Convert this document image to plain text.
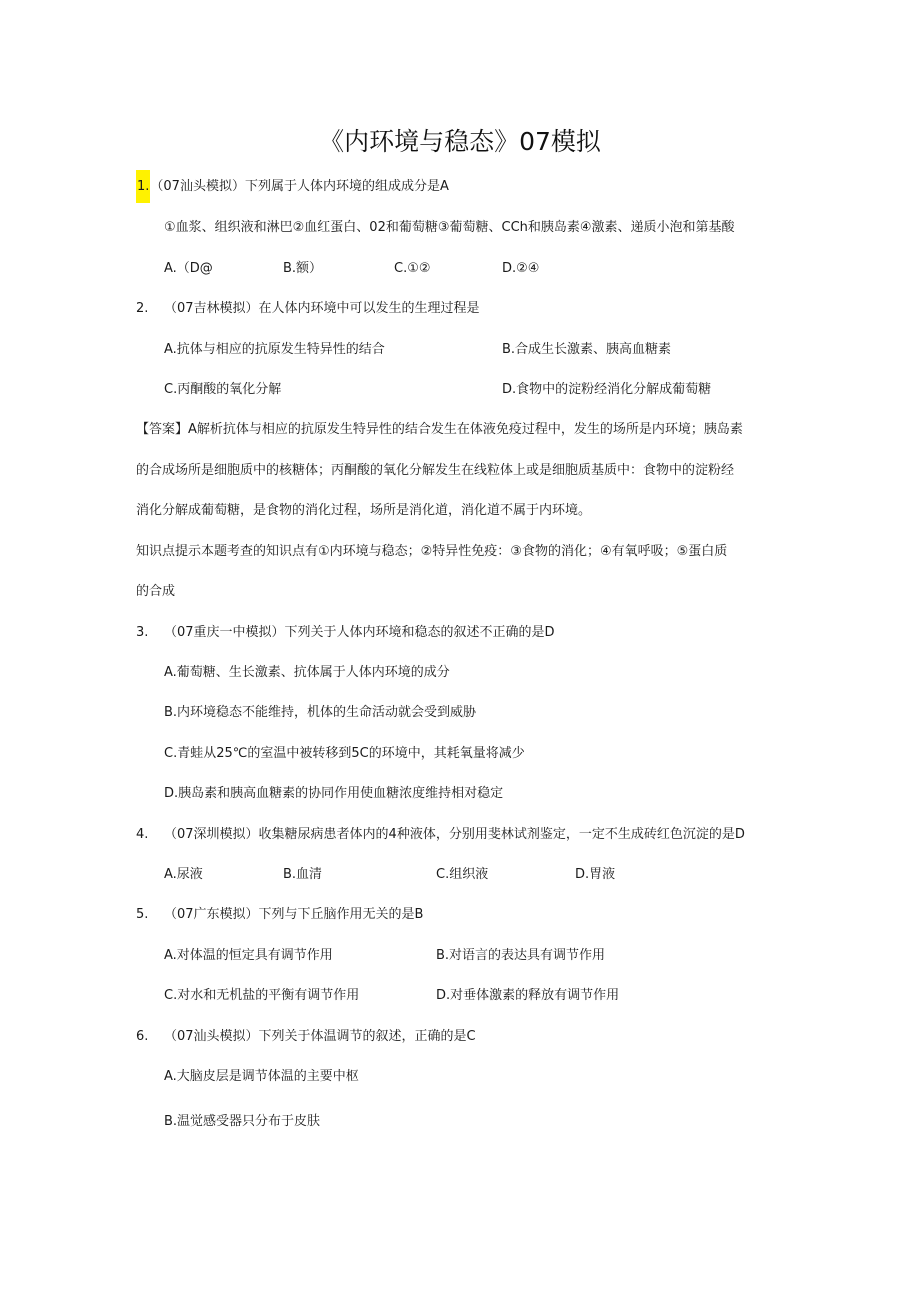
《内环境与稳态》07模拟
1.（07汕头模拟）下列属于人体内环境的组成成分是A
①血浆、组织液和淋巴②血红蛋白、02和葡萄糖③葡萄糖、CCh和胰岛素④激素、递质小泡和第基酸
A.（D@	B.额）	C.①②	D.②④
2. （07吉林模拟）在人体内环境中可以发生的生理过程是
A.抗体与相应的抗原发生特异性的结合	B.合成生长激素、胰高血糖素
C.丙酮酸的氧化分解	D.食物中的淀粉经消化分解成葡萄糖
【答案】A解析抗体与相应的抗原发生特异性的结合发生在体液免疫过程中，发生的场所是内环境；胰岛素
的合成场所是细胞质中的核糖体；丙酮酸的氧化分解发生在线粒体上或是细胞质基质中：食物中的淀粉经
消化分解成葡萄糖，是食物的消化过程，场所是消化道，消化道不属于内环境。
知识点提示本题考查的知识点有①内环境与稳态；②特异性免疫：③食物的消化；④有氧呼吸；⑤蛋白质
的合成
3. （07重庆一中模拟）下列关于人体内环境和稳态的叙述不正确的是D
A.葡萄糖、生长激素、抗体属于人体内环境的成分
B.内环境稳态不能维持，机体的生命活动就会受到威胁
C.青蛙从25℃的室温中被转移到5C的环境中，其耗氧量将减少
D.胰岛素和胰高血糖素的协同作用使血糖浓度维持相对稳定
4. （07深圳模拟）收集糖尿病患者体内的4种液体，分别用斐林试剂鉴定，一定不生成砖红色沉淀的是D
A.尿液	B.血清	C.组织液	D.胃液
5. （07广东模拟）下列与下丘脑作用无关的是B
A.对体温的恒定具有调节作用	B.对语言的表达具有调节作用
C.对水和无机盐的平衡有调节作用	D.对垂体激素的释放有调节作用
6. （07汕头模拟）下列关于体温调节的叙述，正确的是C
A.大脑皮层是调节体温的主要中枢
B.温觉感受器只分布于皮肤
